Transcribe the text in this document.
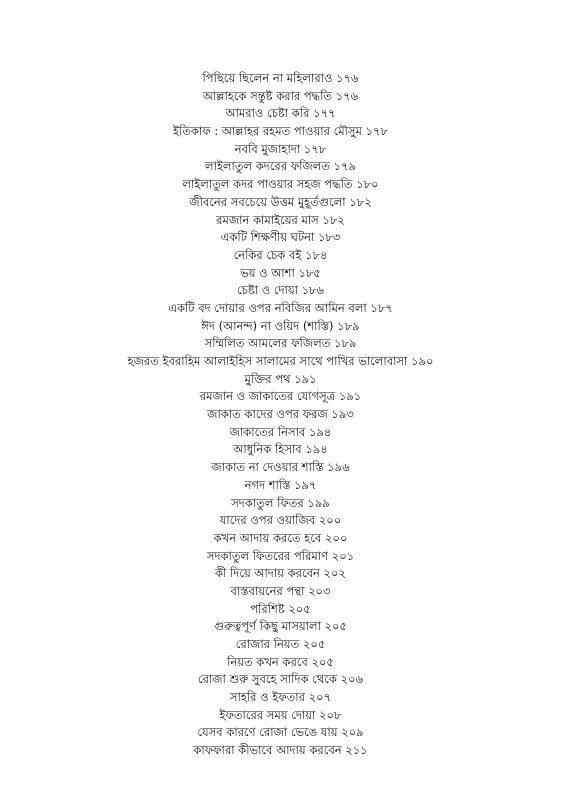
পিছিয়ে ছিলেন না মহিলারাও ১৭৬
আল্লাহকে সন্তুষ্ট করার পদ্ধতি ১৭৬
আমরাও চেষ্টা করি ১৭৭
ইতিকাফ : আল্লাহর রহমত পাওয়ার মৌসুম ১৭৮
নববি মুজাহাদা ১৭৮
লাইলাতুল কদরের ফজিলত ১৭৯
লাইলাতুল কদর পাওয়ার সহজ পদ্ধতি ১৮০
জীবনের সবচেয়ে উত্তম মুহূর্তগুলো ১৮২
রমজান কামাইয়ের মাস ১৮২
একটি শিক্ষণীয় ঘটনা ১৮৩
নেকির চেক বই ১৮৪
ভয় ও আশা ১৮৫
চেষ্টা ও দোয়া ১৮৬
একটি বদ দোয়ার ওপর নবিজির আমিন বলা ১৮৭
ঈদ (আনন্দ) না ওয়িদ (শাস্তি) ১৮৯
সম্মিলিত আমলের ফজিলত ১৮৯
হজরত ইবরাহিম আলাইহিস সালামের সাথে পাখির ভালোবাসা ১৯০
মুক্তির পথ ১৯১
রমজান ও জাকাতের যোগসূত্র ১৯১
জাকাত কাদের ওপর ফরজ ১৯৩
জাকাতের নিসাব ১৯৪
আধুনিক হিসাব ১৯৪
জাকাত না দেওয়ার শাস্তি ১৯৬
নগদ শাস্তি ১৯৭
সদকাতুল ফিতর ১৯৯
যাদের ওপর ওয়াজিব ২০০
কখন আদায় করতে হবে ২০০
সদকাতুল ফিতরের পরিমাণ ২০১
কী দিয়ে আদায় করবেন ২০২
বাস্তবায়নের পন্থা ২০৩
পরিশিষ্ট ২০৫
গুরুত্বপূর্ণ কিছু মাসয়ালা ২০৫
রোজার নিয়ত ২০৫
নিয়ত কখন করবে ২০৫
রোজা শুরু সুবহে সাদিক থেকে ২০৬
সাহরি ও ইফতার ২০৭
ইফতারের সময় দোয়া ২০৮
যেসব কারণে রোজা ভেঙে যায় ২০৯
কাফফারা কীভাবে আদায় করবেন ২১১
